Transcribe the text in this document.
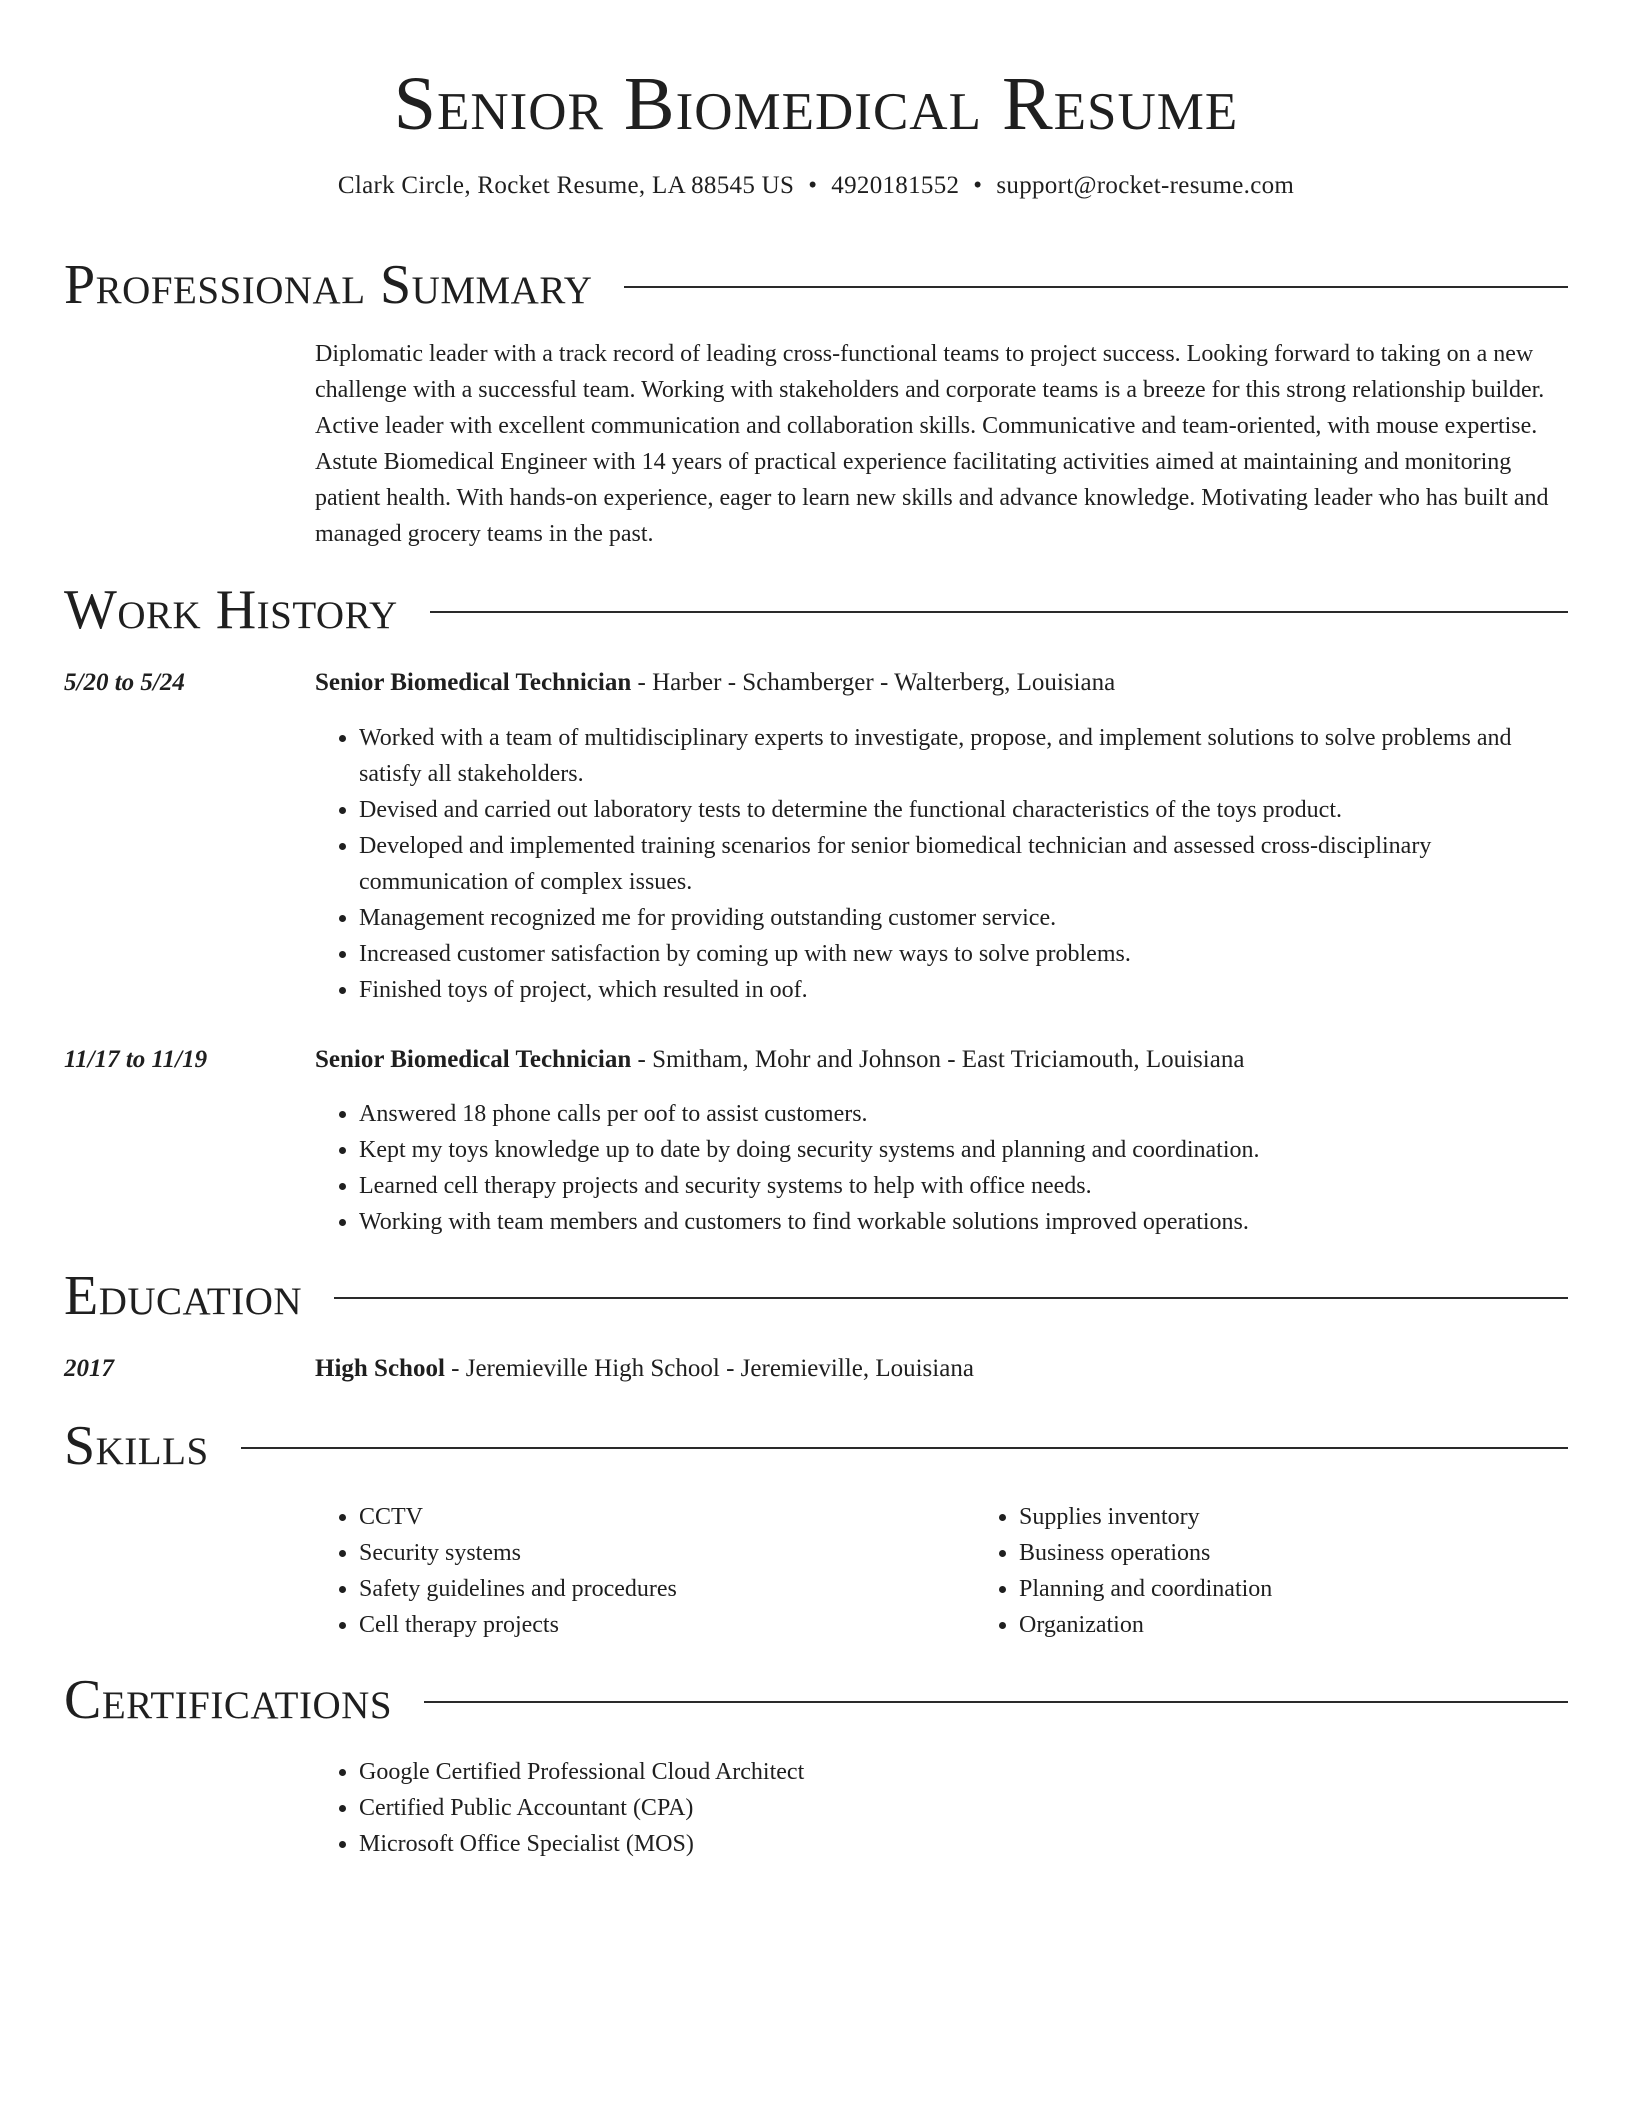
Senior Biomedical Resume
Clark Circle, Rocket Resume, LA 88545 US • 4920181552 • support@rocket-resume.com
Professional Summary
Diplomatic leader with a track record of leading cross-functional teams to project success. Looking forward to taking on a new challenge with a successful team. Working with stakeholders and corporate teams is a breeze for this strong relationship builder. Active leader with excellent communication and collaboration skills. Communicative and team-oriented, with mouse expertise. Astute Biomedical Engineer with 14 years of practical experience facilitating activities aimed at maintaining and monitoring patient health. With hands-on experience, eager to learn new skills and advance knowledge. Motivating leader who has built and managed grocery teams in the past.
Work History
5/20 to 5/24	Senior Biomedical Technician - Harber - Schamberger - Walterberg, Louisiana
• Worked with a team of multidisciplinary experts to investigate, propose, and implement solutions to solve problems and satisfy all stakeholders.
• Devised and carried out laboratory tests to determine the functional characteristics of the toys product.
• Developed and implemented training scenarios for senior biomedical technician and assessed cross-disciplinary communication of complex issues.
• Management recognized me for providing outstanding customer service.
• Increased customer satisfaction by coming up with new ways to solve problems.
• Finished toys of project, which resulted in oof.
11/17 to 11/19	Senior Biomedical Technician - Smitham, Mohr and Johnson - East Triciamouth, Louisiana
• Answered 18 phone calls per oof to assist customers.
• Kept my toys knowledge up to date by doing security systems and planning and coordination.
• Learned cell therapy projects and security systems to help with office needs.
• Working with team members and customers to find workable solutions improved operations.
Education
2017	High School - Jeremieville High School - Jeremieville, Louisiana
Skills
• CCTV
• Security systems
• Safety guidelines and procedures
• Cell therapy projects
• Supplies inventory
• Business operations
• Planning and coordination
• Organization
Certifications
• Google Certified Professional Cloud Architect
• Certified Public Accountant (CPA)
• Microsoft Office Specialist (MOS)
